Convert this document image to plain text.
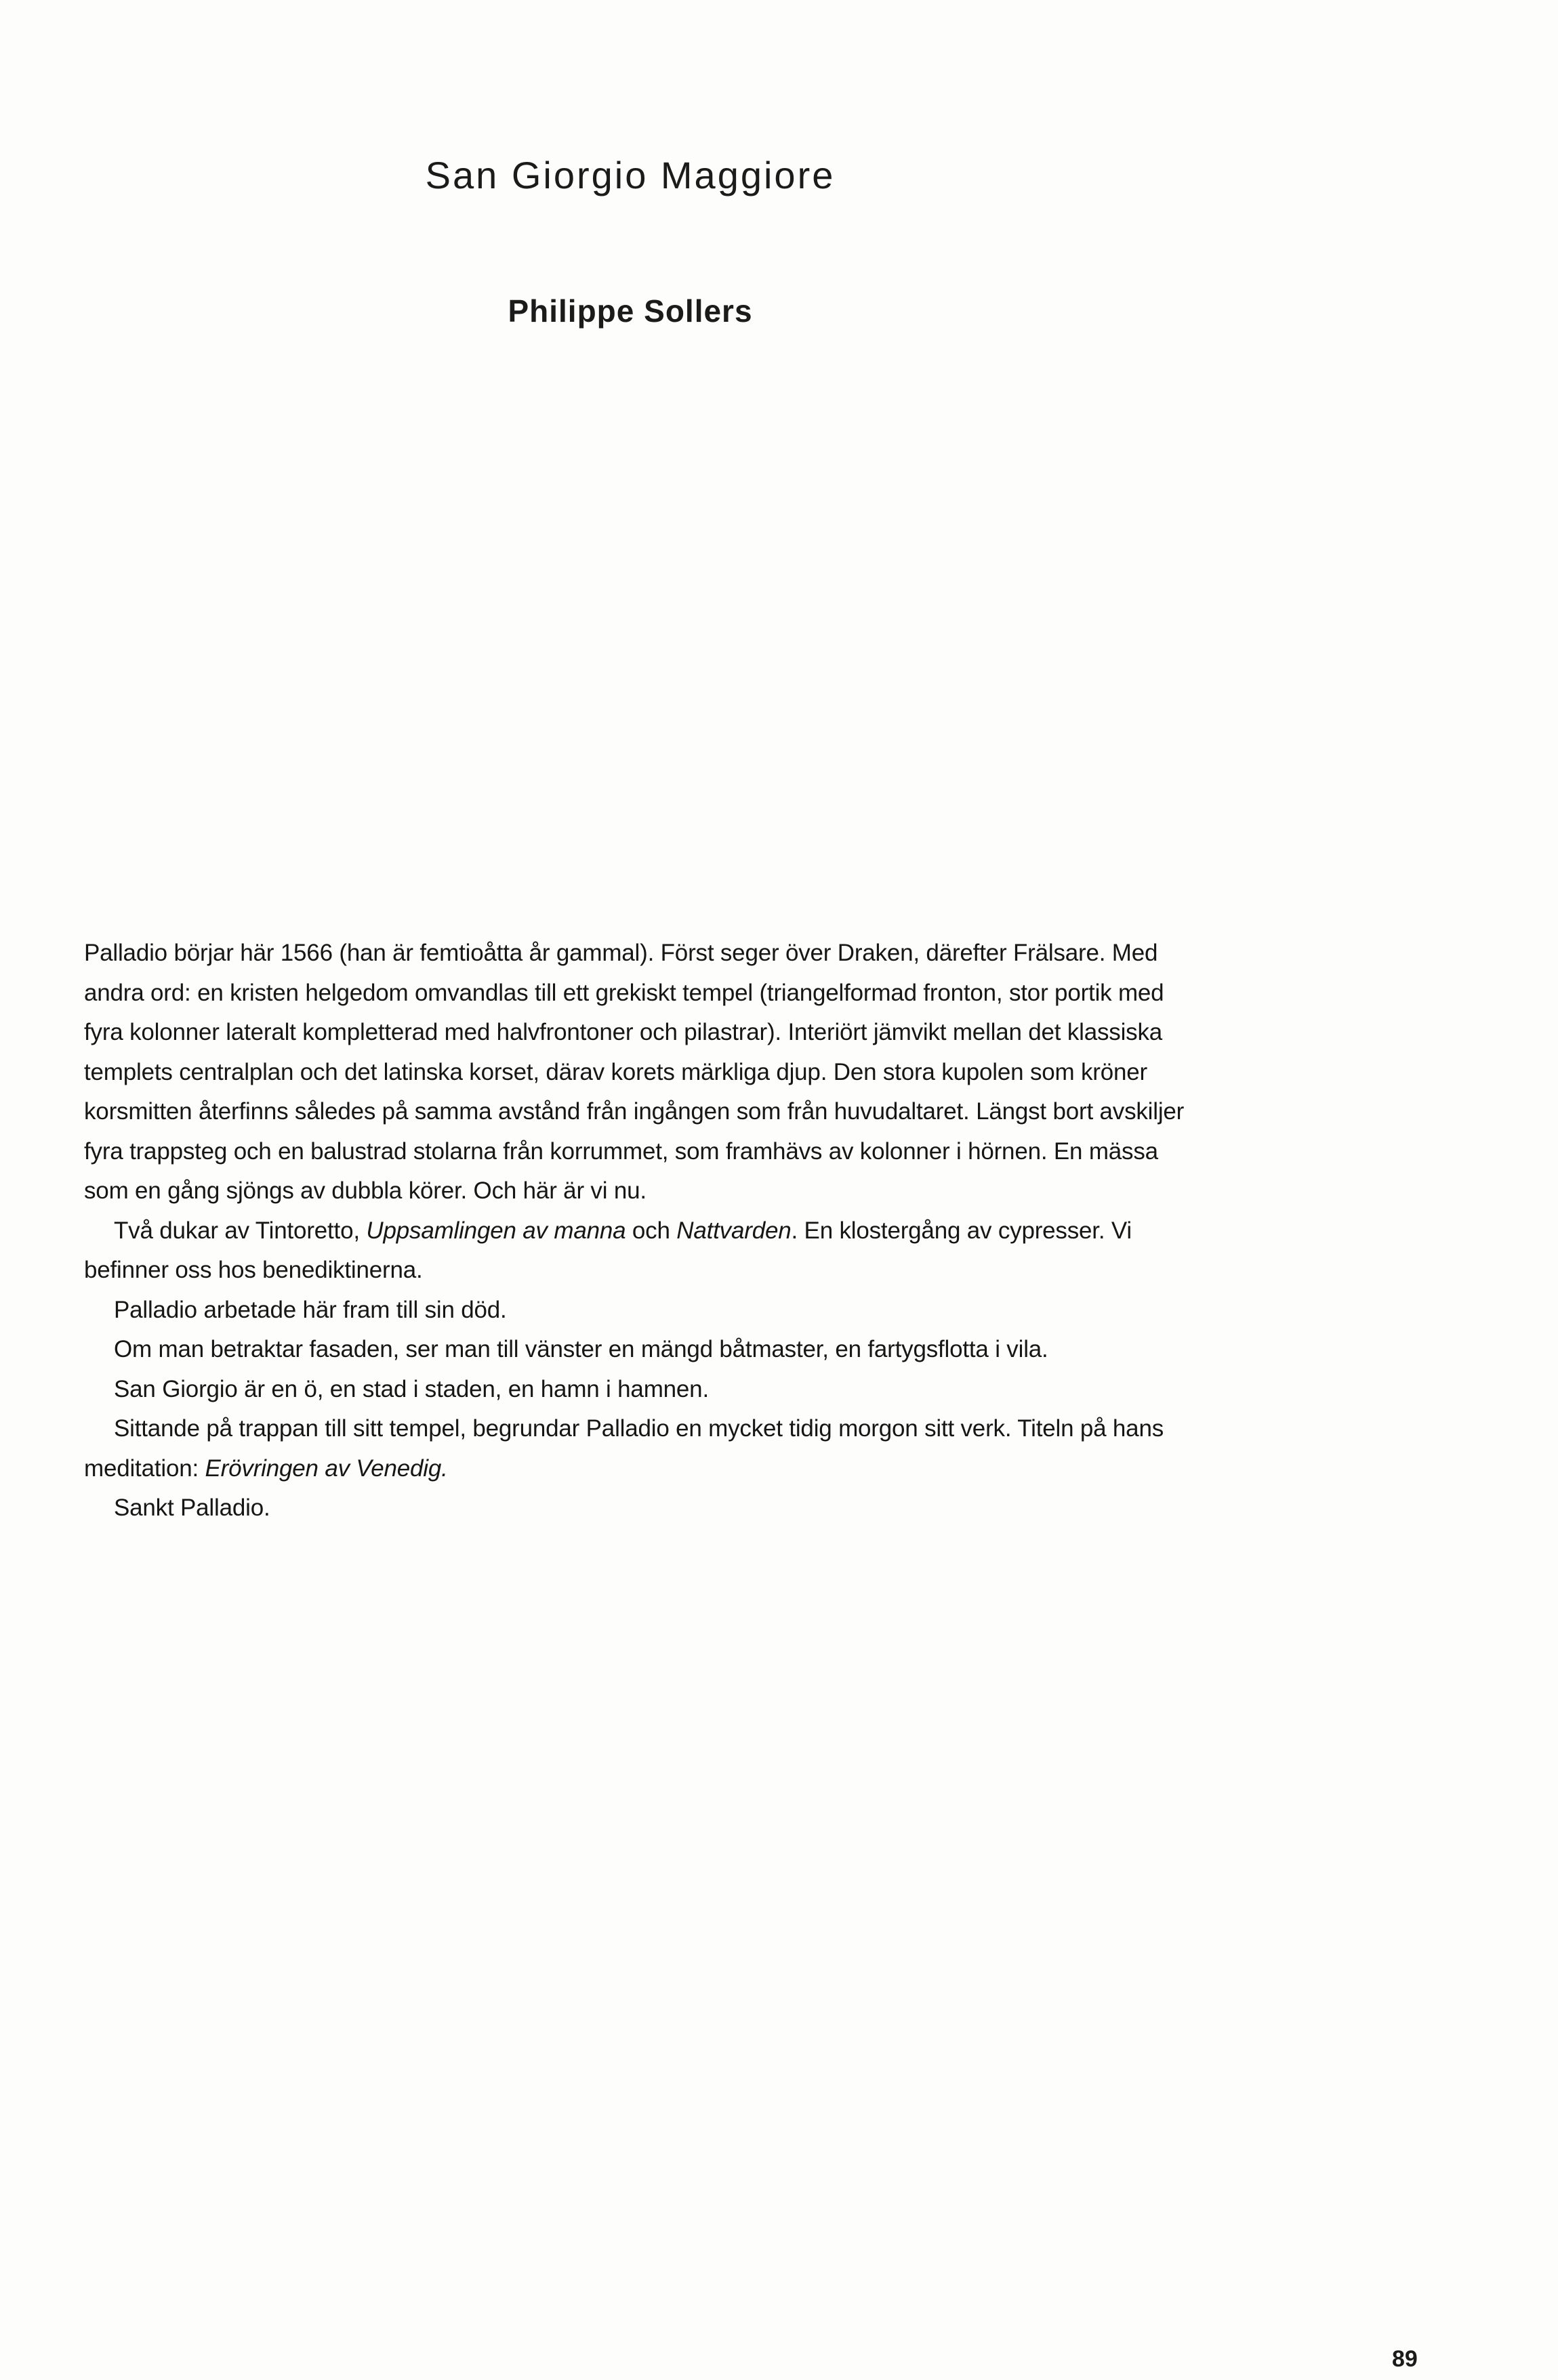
San Giorgio Maggiore
Philippe Sollers

Palladio börjar här 1566 (han är femtioåtta år gammal). Först seger över Draken, därefter Frälsare. Med andra ord: en kristen helgedom omvandlas till ett grekiskt tempel (triangelformad fronton, stor portik med fyra kolonner lateralt kompletterad med halvfrontoner och pilastrar). Interiört jämvikt mellan det klassiska templets centralplan och det latinska korset, därav korets märkliga djup. Den stora kupolen som kröner korsmitten återfinns således på samma avstånd från ingången som från huvudaltaret. Längst bort avskiljer fyra trappsteg och en balustrad stolarna från korrummet, som framhävs av kolonner i hörnen. En mässa som en gång sjöngs av dubbla körer. Och här är vi nu.

Två dukar av Tintoretto, Uppsamlingen av manna och Nattvarden. En klostergång av cypresser. Vi befinner oss hos benediktinerna.

Palladio arbetade här fram till sin död.

Om man betraktar fasaden, ser man till vänster en mängd båtmaster, en fartygsflotta i vila.

San Giorgio är en ö, en stad i staden, en hamn i hamnen.

Sittande på trappan till sitt tempel, begrundar Palladio en mycket tidig morgon sitt verk. Titeln på hans meditation: Erövringen av Venedig.

Sankt Palladio.

89
